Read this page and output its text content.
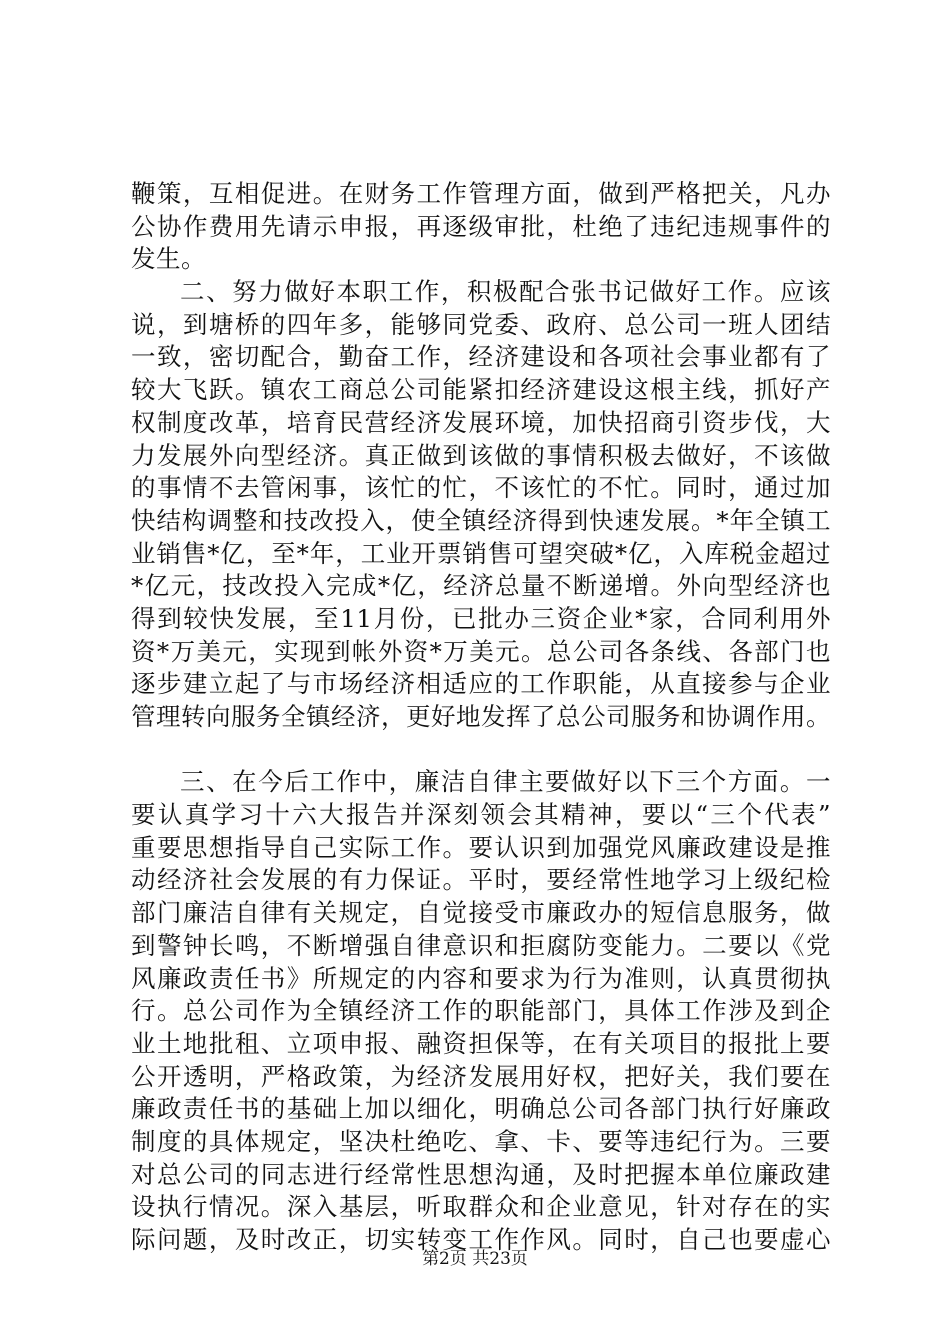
鞭策，互相促进。在财务工作管理方面，做到严格把关，凡办
公协作费用先请示申报，再逐级审批，杜绝了违纪违规事件的
发生。
二、努力做好本职工作，积极配合张书记做好工作。应该
说，到塘桥的四年多，能够同党委、政府、总公司一班人团结
一致，密切配合，勤奋工作，经济建设和各项社会事业都有了
较大飞跃。镇农工商总公司能紧扣经济建设这根主线，抓好产
权制度改革，培育民营经济发展环境，加快招商引资步伐，大
力发展外向型经济。真正做到该做的事情积极去做好，不该做
的事情不去管闲事，该忙的忙，不该忙的不忙。同时，通过加
快结构调整和技改投入，使全镇经济得到快速发展。*年全镇工
业销售*亿，至*年，工业开票销售可望突破*亿，入库税金超过
*亿元，技改投入完成*亿，经济总量不断递增。外向型经济也
得到较快发展，至11月份，已批办三资企业*家，合同利用外
资*万美元，实现到帐外资*万美元。总公司各条线、各部门也
逐步建立起了与市场经济相适应的工作职能，从直接参与企业
管理转向服务全镇经济，更好地发挥了总公司服务和协调作用。
三、在今后工作中，廉洁自律主要做好以下三个方面。一
要认真学习十六大报告并深刻领会其精神，要以“三个代表”
重要思想指导自己实际工作。要认识到加强党风廉政建设是推
动经济社会发展的有力保证。平时，要经常性地学习上级纪检
部门廉洁自律有关规定，自觉接受市廉政办的短信息服务，做
到警钟长鸣，不断增强自律意识和拒腐防变能力。二要以《党
风廉政责任书》所规定的内容和要求为行为准则，认真贯彻执
行。总公司作为全镇经济工作的职能部门，具体工作涉及到企
业土地批租、立项申报、融资担保等，在有关项目的报批上要
公开透明，严格政策，为经济发展用好权，把好关，我们要在
廉政责任书的基础上加以细化，明确总公司各部门执行好廉政
制度的具体规定，坚决杜绝吃、拿、卡、要等违纪行为。三要
对总公司的同志进行经常性思想沟通，及时把握本单位廉政建
设执行情况。深入基层，听取群众和企业意见，针对存在的实
际问题，及时改正，切实转变工作作风。同时，自己也要虚心
第2页 共23页
